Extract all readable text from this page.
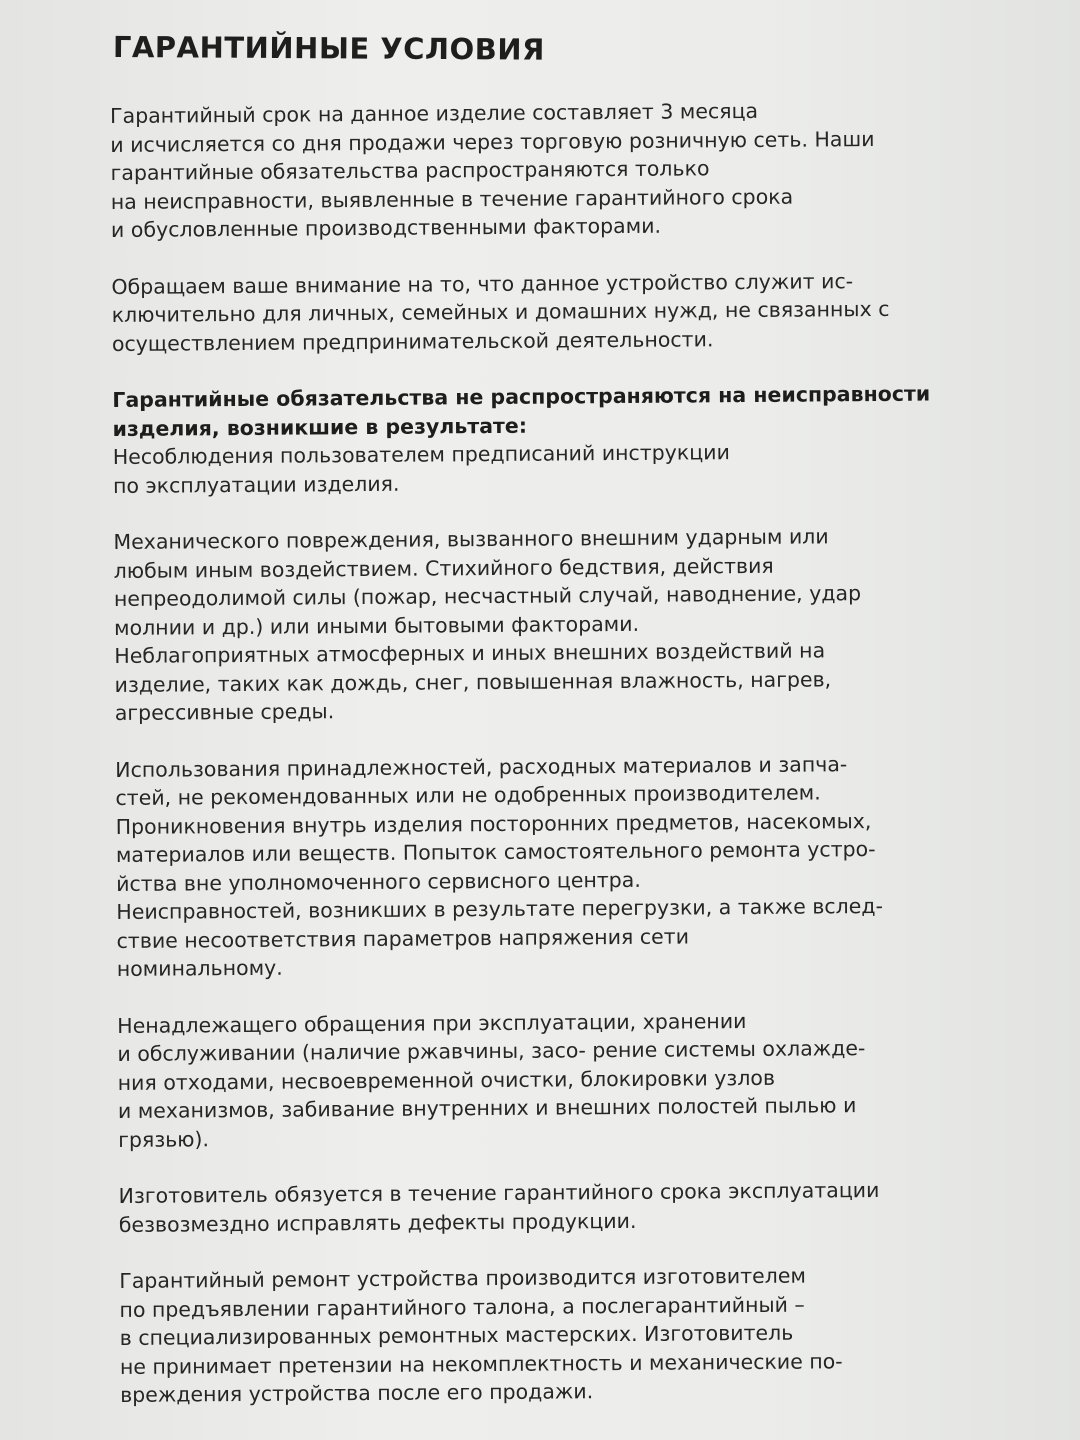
ГАРАНТИЙНЫЕ УСЛОВИЯ
Гарантийный срок на данное изделие составляет 3 месяца
и исчисляется со дня продажи через торговую розничную сеть. Наши
гарантийные обязательства распространяются только
на неисправности, выявленные в течение гарантийного срока
и обусловленные производственными факторами.
Обращаем ваше внимание на то, что данное устройство служит ис-
ключительно для личных, семейных и домашних нужд, не связанных с
осуществлением предпринимательской деятельности.
Гарантийные обязательства не распространяются на неисправности
изделия, возникшие в результате:
Несоблюдения пользователем предписаний инструкции
по эксплуатации изделия.
Механического повреждения, вызванного внешним ударным или
любым иным воздействием. Стихийного бедствия, действия
непреодолимой силы (пожар, несчастный случай, наводнение, удар
молнии и др.) или иными бытовыми факторами.
Неблагоприятных атмосферных и иных внешних воздействий на
изделие, таких как дождь, снег, повышенная влажность, нагрев,
агрессивные среды.
Использования принадлежностей, расходных материалов и запча-
стей, не рекомендованных или не одобренных производителем.
Проникновения внутрь изделия посторонних предметов, насекомых,
материалов или веществ. Попыток самостоятельного ремонта устро-
йства вне уполномоченного сервисного центра.
Неисправностей, возникших в результате перегрузки, а также вслед-
ствие несоответствия параметров напряжения сети
номинальному.
Ненадлежащего обращения при эксплуатации, хранении
и обслуживании (наличие ржавчины, засо- рение системы охлажде-
ния отходами, несвоевременной очистки, блокировки узлов
и механизмов, забивание внутренних и внешних полостей пылью и
грязью).
Изготовитель обязуется в течение гарантийного срока эксплуатации
безвозмездно исправлять дефекты продукции.
Гарантийный ремонт устройства производится изготовителем
по предъявлении гарантийного талона, а послегарантийный –
в специализированных ремонтных мастерских. Изготовитель
не принимает претензии на некомплектность и механические по-
вреждения устройства после его продажи.
